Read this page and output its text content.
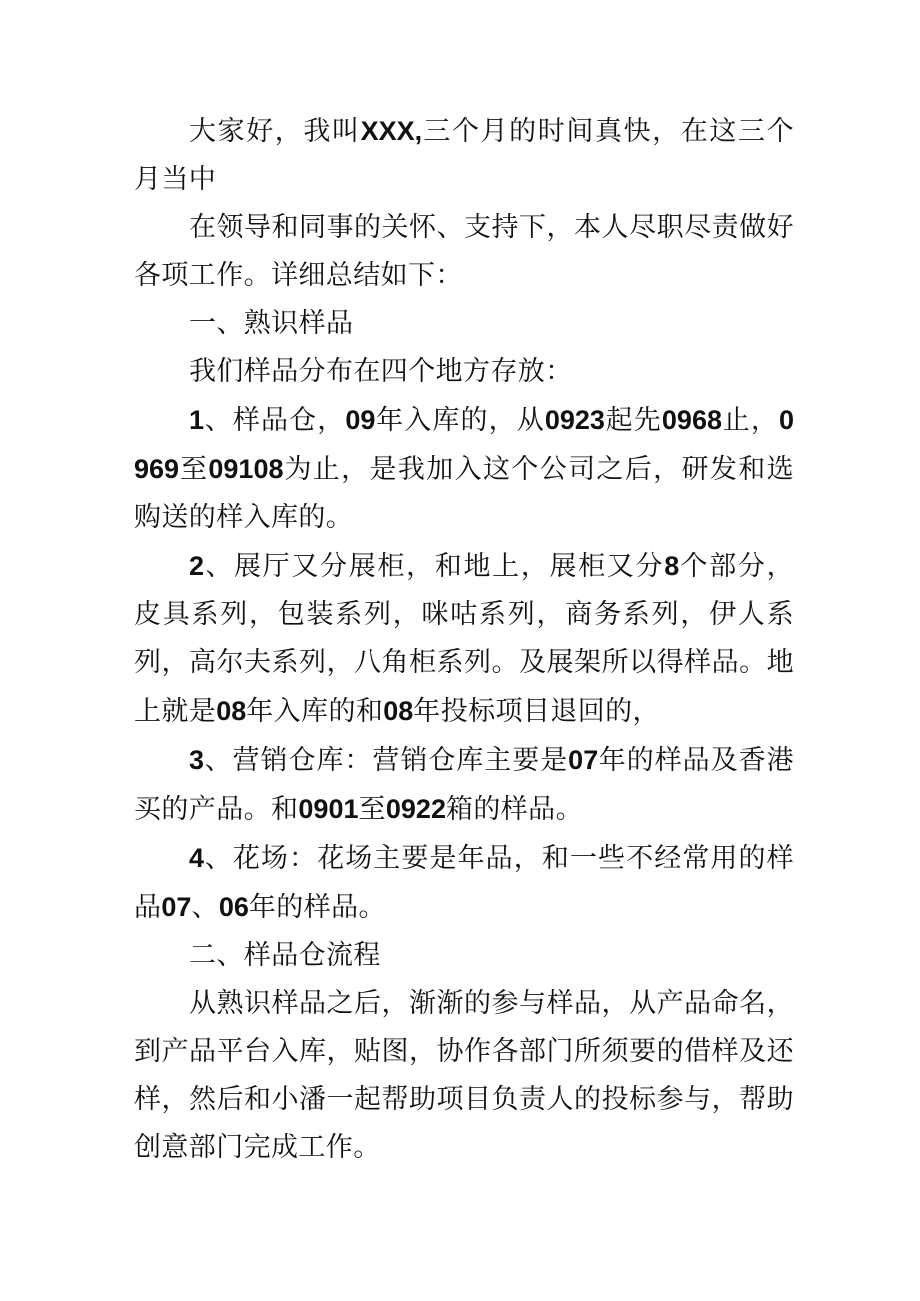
大家好，我叫XXX,三个月的时间真快，在这三个月当中

在领导和同事的关怀、支持下，本人尽职尽责做好各项工作。详细总结如下：

一、熟识样品

我们样品分布在四个地方存放：

1、样品仓，09年入库的，从0923起先0968止，0969至09108为止，是我加入这个公司之后，研发和选购送的样入库的。

2、展厅又分展柜，和地上，展柜又分8个部分，皮具系列，包装系列，咪咕系列，商务系列，伊人系列，高尔夫系列，八角柜系列。及展架所以得样品。地上就是08年入库的和08年投标项目退回的，

3、营销仓库：营销仓库主要是07年的样品及香港买的产品。和0901至0922箱的样品。

4、花场：花场主要是年品，和一些不经常用的样品07、06年的样品。

二、样品仓流程

从熟识样品之后，渐渐的参与样品，从产品命名，到产品平台入库，贴图，协作各部门所须要的借样及还样，然后和小潘一起帮助项目负责人的投标参与，帮助创意部门完成工作。
